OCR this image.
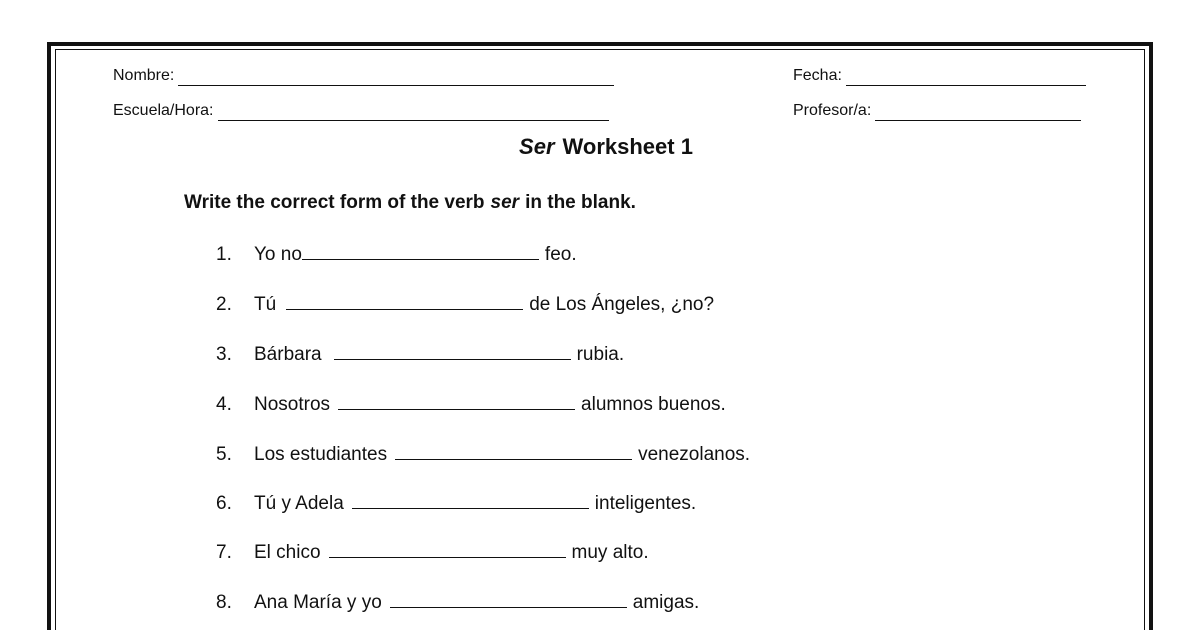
Nombre:	Fecha:
Escuela/Hora:	Profesor/a:
Ser Worksheet 1
Write the correct form of the verb ser in the blank.
1.	Yo no	feo.
2.	Tú	de Los Ángeles, ¿no?
3.	Bárbara	rubia.
4.	Nosotros	alumnos buenos.
5.	Los estudiantes	venezolanos.
6.	Tú y Adela	inteligentes.
7.	El chico	muy alto.
8.	Ana María y yo	amigas.
